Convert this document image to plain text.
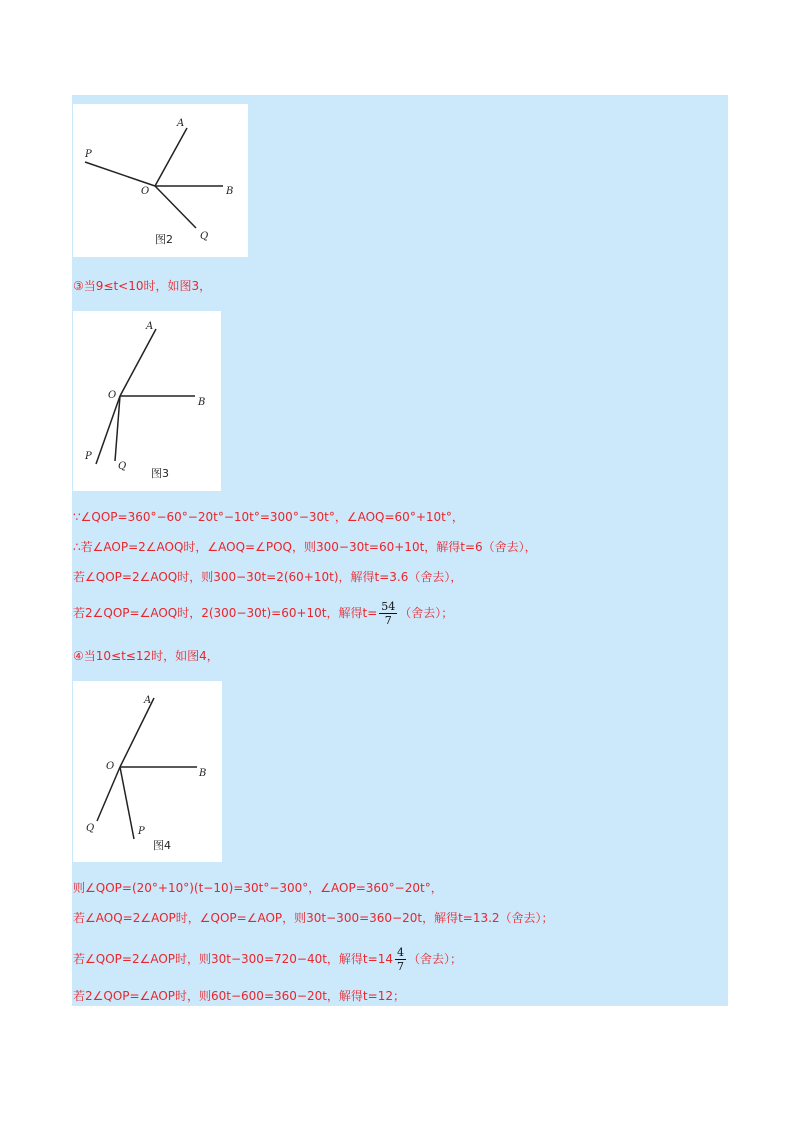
A
P
O	B
Q
图2
③当9≤t<10时，如图3，
A
O
B
P
Q
图3
∵∠QOP=360°−60°−20t°−10t°=300°−30t°，∠AOQ=60°+10t°，
∴若∠AOP=2∠AOQ时，∠AOQ=∠POQ，则300−30t=60+10t，解得t=6（舍去），
若∠QOP=2∠AOQ时，则300−30t=2(60+10t)，解得t=3.6（舍去），
若2∠QOP=∠AOQ时，2(300−30t)=60+10t，解得$t= \frac{54}{7}$ （舍去）；
④当10≤t≤12时，如图4，
A
O
B
Q	P
图4
则∠QOP=(20°+10°)(t−10)=30t°−300°，∠AOP=360°−20t°，
若∠AOQ=2∠AOP时，∠QOP=∠AOP，则30t−300=360−20t，解得t=13.2（舍去）；
若∠QOP=2∠AOP时，则30t−300=720−40t，解得$t=14 \frac{4}{7}$ （舍去）；
若2∠QOP=∠AOP时，则60t−600=360−20t，解得t=12；
